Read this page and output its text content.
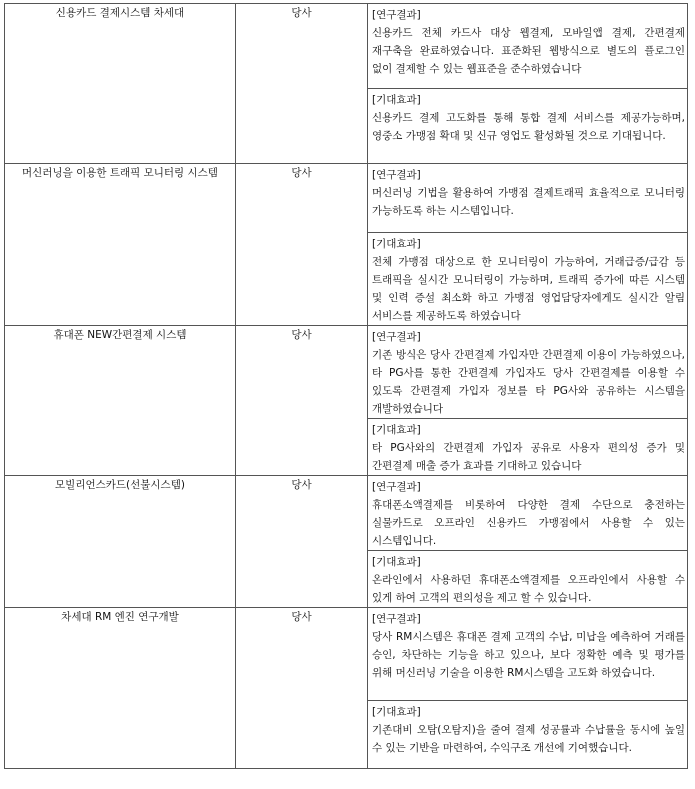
신용카드 결제시스템 차세대	당사	[연구결과]
신용카드 전체 카드사 대상 웹결제, 모바일앱 결제, 간편결제 재구축을 완료하였습니다. 표준화된 웹방식으로 별도의 플로그인 없이 결제할 수 있는 웹표준을 준수하였습니다
[기대효과]
신용카드 결제 고도화를 통해 통합 결제 서비스를 제공가능하며, 영중소 가맹점 확대 및 신규 영업도 활성화될 것으로 기대됩니다.

머신러닝을 이용한 트래픽 모니터링 시스템	당사	[연구결과]
머신러닝 기법을 활용하여 가맹점 결제트래픽 효율적으로 모니터링 가능하도록 하는 시스템입니다.
[기대효과]
전체 가맹점 대상으로 한 모니터링이 가능하여, 거래급증/급감 등 트래픽을 실시간 모니터링이 가능하며, 트래픽 증가에 따른 시스템 및 인력 증설 최소화 하고 가맹점 영업담당자에게도 실시간 알림 서비스를 제공하도록 하였습니다

휴대폰 NEW간편결제 시스템	당사	[연구결과]
기존 방식은 당사 간편결제 가입자만 간편결제 이용이 가능하였으나, 타 PG사를 통한 간편결제 가입자도 당사 간편결제를 이용할 수 있도록 간편결제 가입자 정보를 타 PG사와 공유하는 시스템을 개발하였습니다
[기대효과]
타 PG사와의 간편결제 가입자 공유로 사용자 편의성 증가 및 간편결제 매출 증가 효과를 기대하고 있습니다

모빌리언스카드(선불시스템)	당사	[연구결과]
휴대폰소액결제를 비롯하여 다양한 결제 수단으로 충전하는 실물카드로 오프라인 신용카드 가맹점에서 사용할 수 있는 시스템입니다.
[기대효과]
온라인에서 사용하던 휴대폰소액결제를 오프라인에서 사용할 수 있게 하여 고객의 편의성을 제고 할 수 있습니다.

차세대 RM 엔진 연구개발	당사	[연구결과]
당사 RM시스템은 휴대폰 결제 고객의 수납, 미납을 예측하여 거래를 승인, 차단하는 기능을 하고 있으나, 보다 정확한 예측 및 평가를 위해 머신러닝 기술을 이용한 RM시스템을 고도화 하였습니다.
[기대효과]
기존대비 오탐(오탐지)을 줄여 결제 성공률과 수납률을 동시에 높일 수 있는 기반을 마련하여, 수익구조 개선에 기여했습니다.
